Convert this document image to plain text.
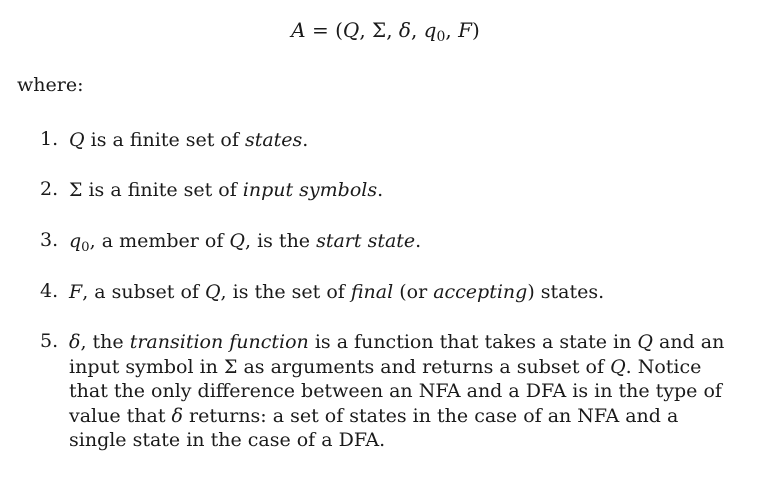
A = (Q, Σ, δ, $q_0$, F)
where:
1. Q is a finite set of states.
2. Σ is a finite set of input symbols.
3. $q_0$, a member of Q, is the start state.
4. F, a subset of Q, is the set of final (or accepting) states.
5. δ, the transition function is a function that takes a state in Q and an input symbol in Σ as arguments and returns a subset of Q. Notice that the only difference between an NFA and a DFA is in the type of value that δ returns: a set of states in the case of an NFA and a single state in the case of a DFA.
